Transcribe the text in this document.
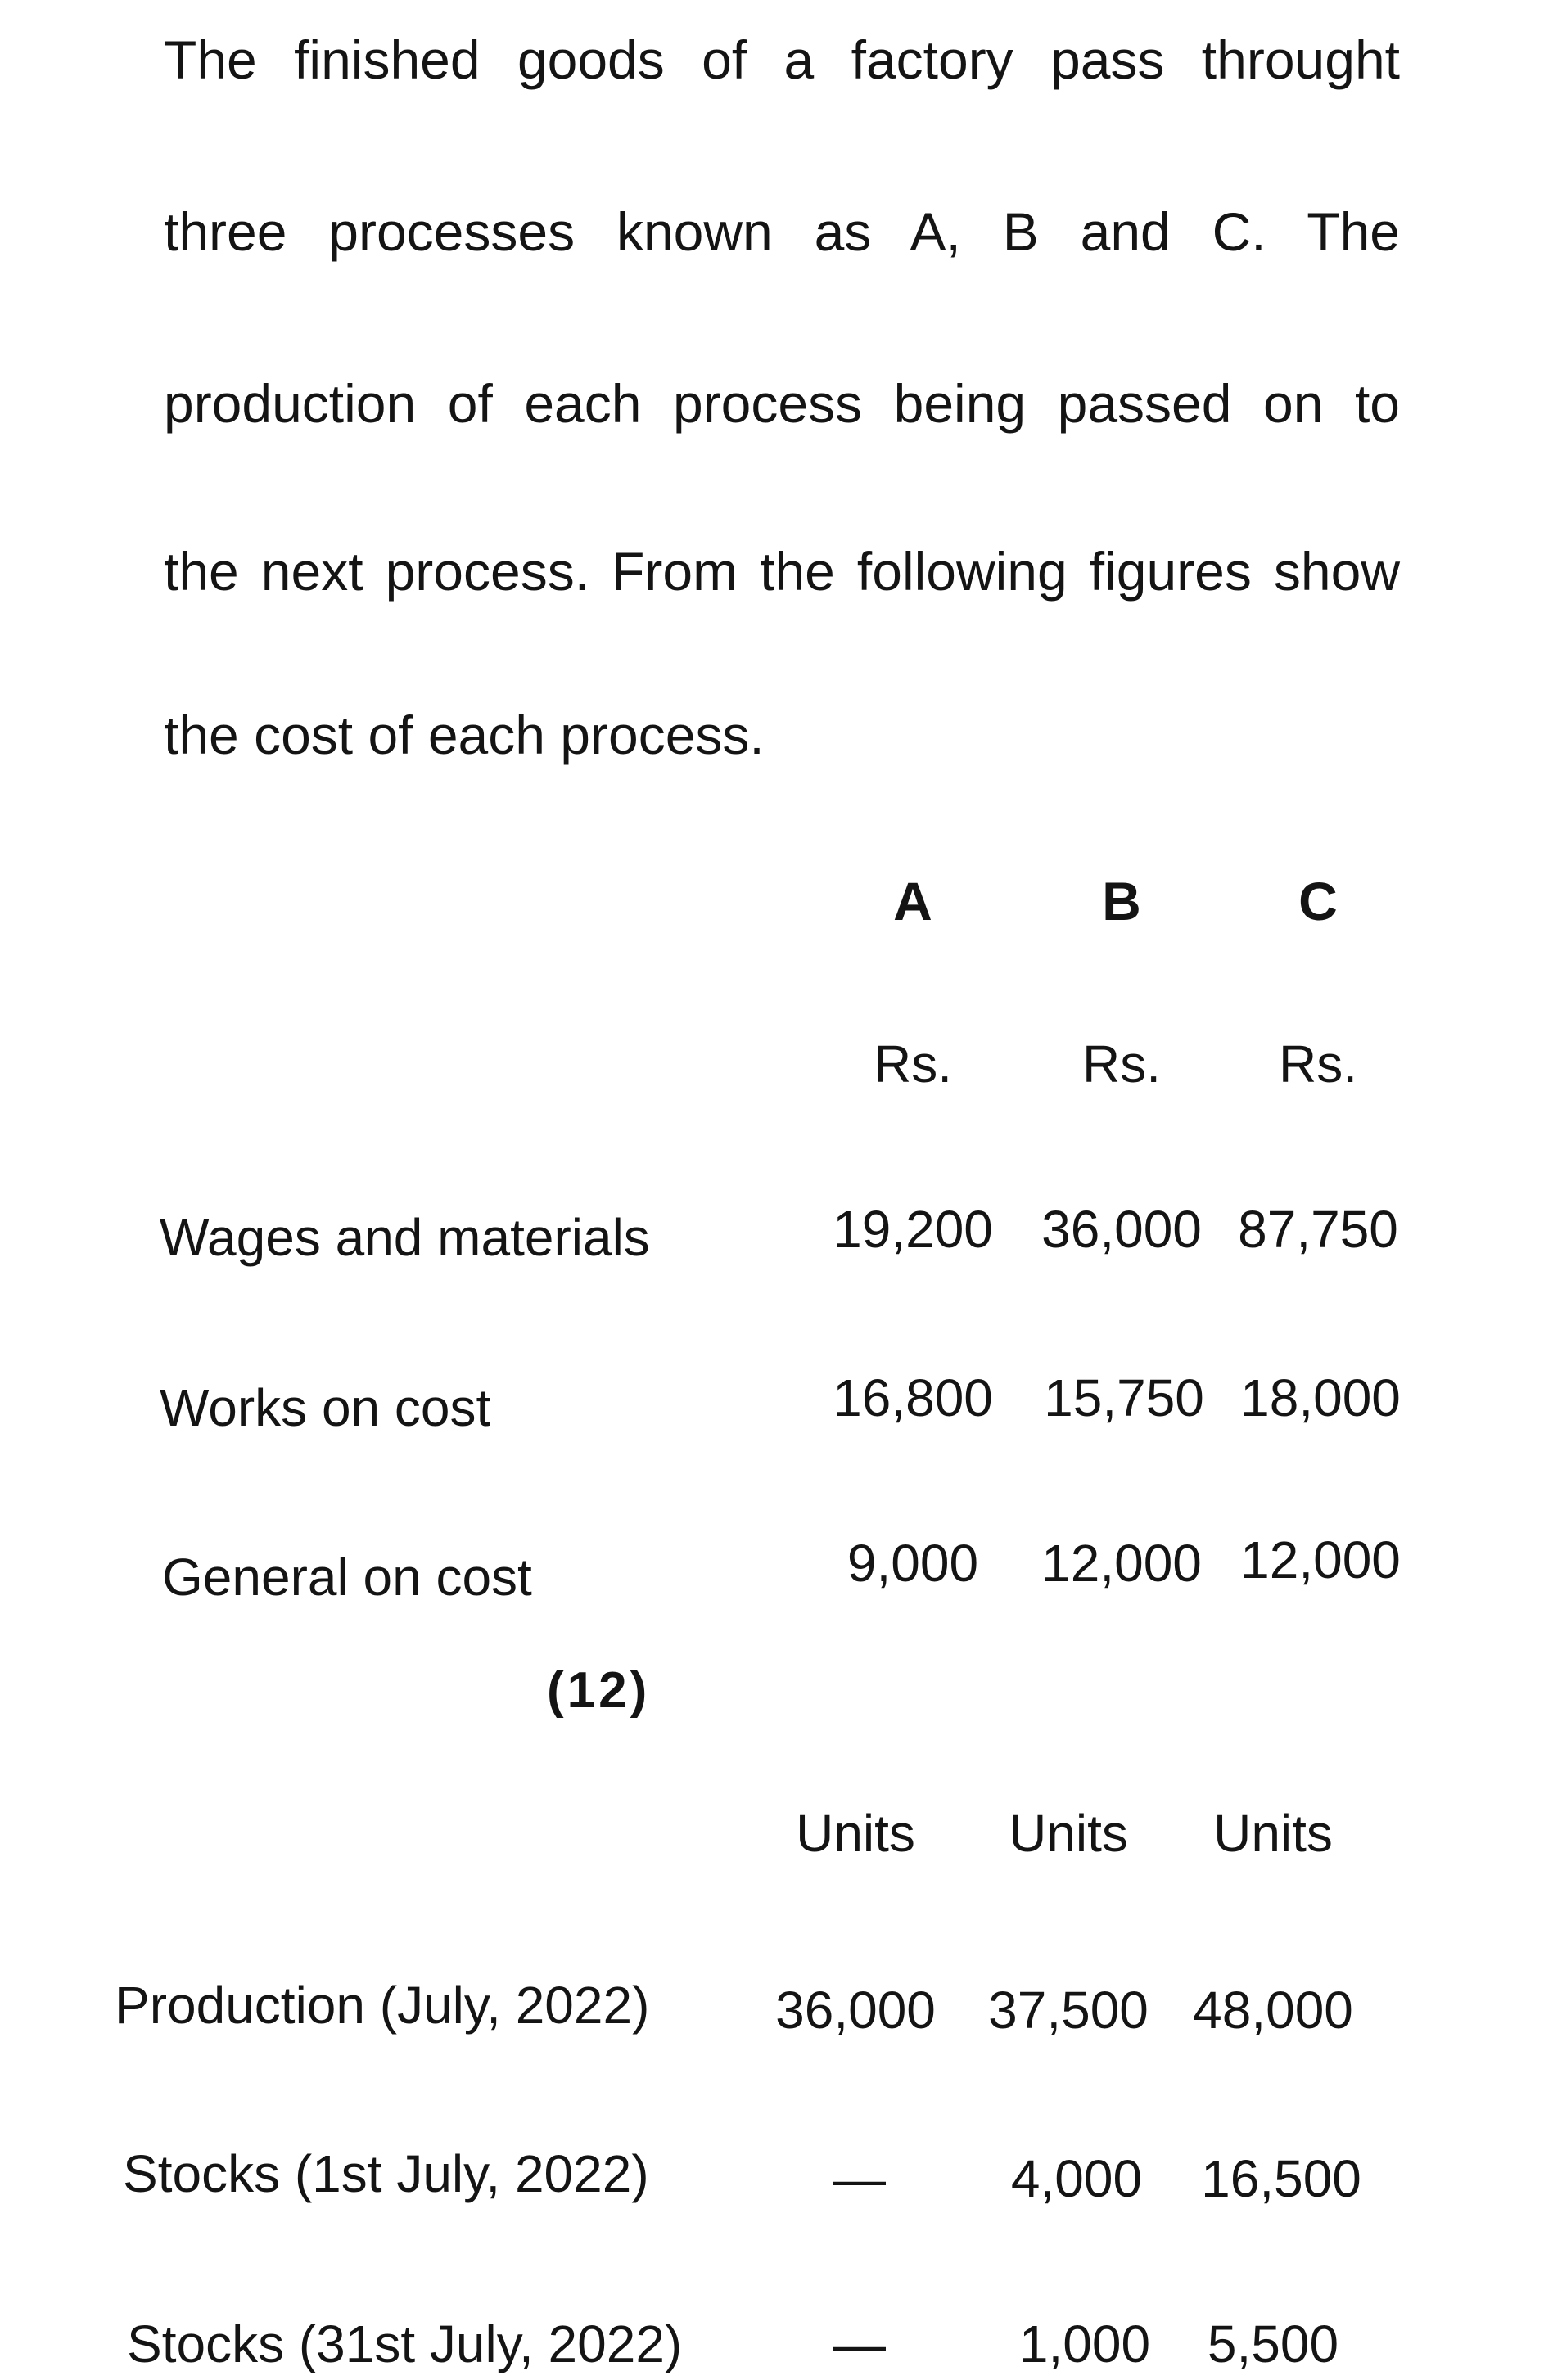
The finished goods of a factory pass throught
three processes known as A, B and C. The
production of each process being passed on to
the next process. From the following figures show
the cost of each process.
A	B	C
Rs.	Rs.	Rs.
Wages and materials	19,200 36,000 87,750
Works on cost	16,800 15,750 18,000
General on cost	9,000	12,000 12,000
(12)
Units Units Units
Production (July, 2022) 36,000 37,500 48,000
Stocks (1st July, 2022)	—	4,000	16,500
Stocks (31st July, 2022)	—	1,000	5,500
